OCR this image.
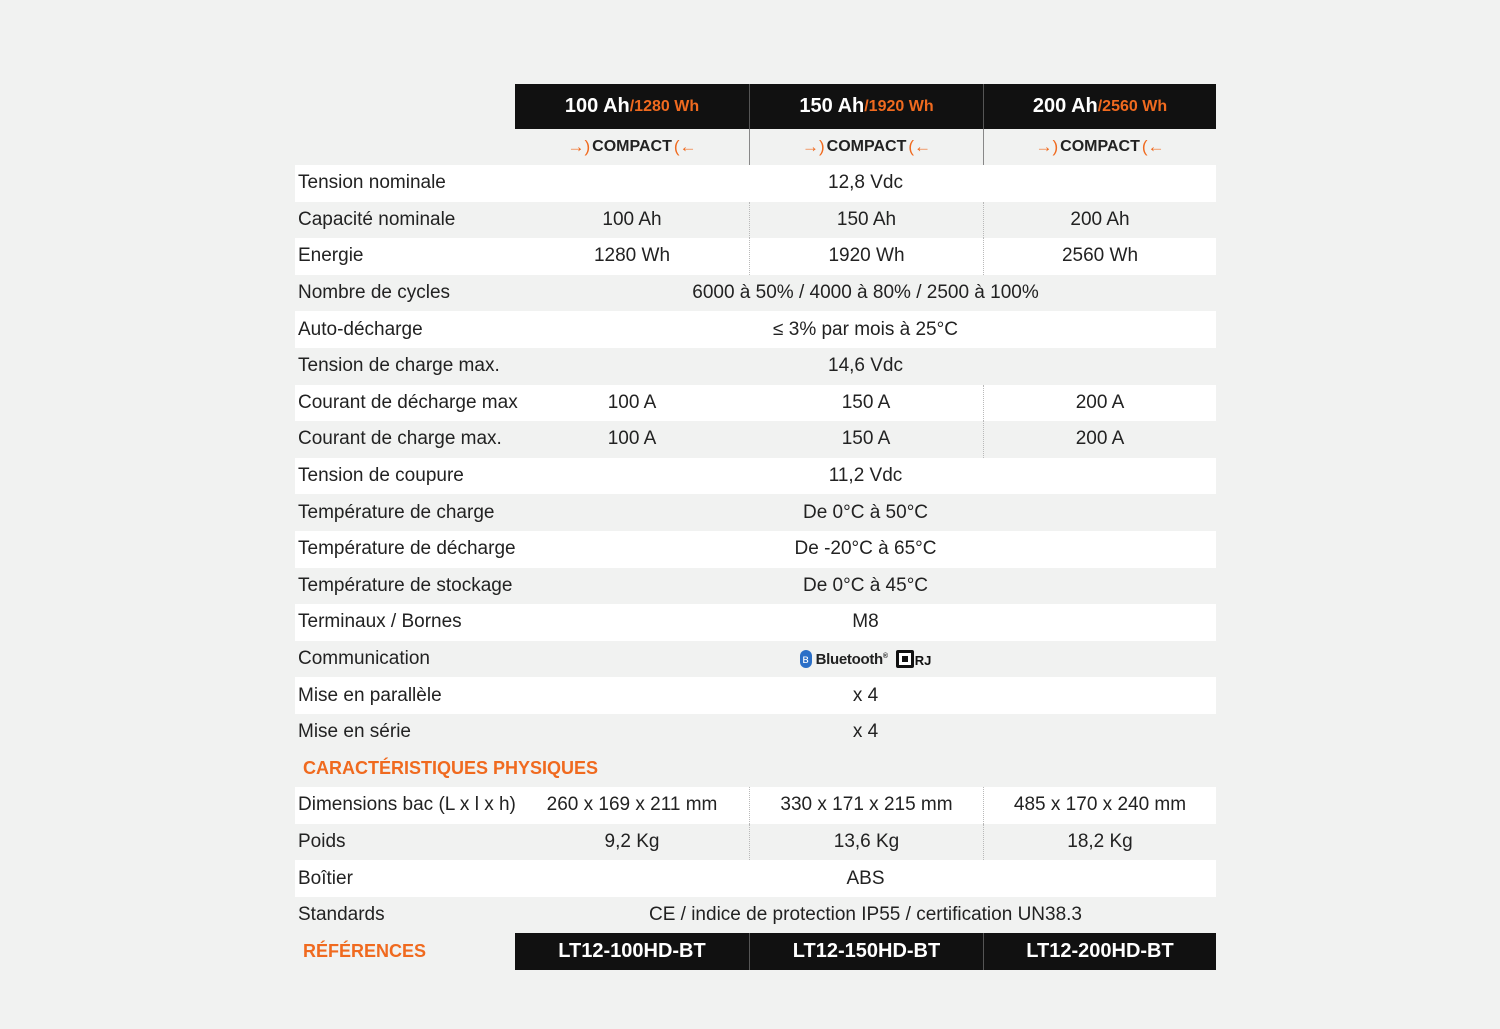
100 Ah /1280 Wh	150 Ah /1920 Wh	200 Ah /2560 Wh
→) COMPACT (←	→) COMPACT (←	→) COMPACT (←
Tension nominale	12,8 Vdc
Capacité nominale	100 Ah	150 Ah	200 Ah
Energie	1280 Wh	1920 Wh	2560 Wh
Nombre de cycles	6000 à 50% / 4000 à 80% / 2500 à 100%
Auto-décharge	≤ 3% par mois à 25°C
Tension de charge max.	14,6 Vdc
Courant de décharge max	100 A	150 A	200 A
Courant de charge max.	100 A	150 A	200 A
Tension de coupure	11,2 Vdc
Température de charge	De 0°C à 50°C
Température de décharge	De -20°C à 65°C
Température de stockage	De 0°C à 45°C
Terminaux / Bornes	M8
Communication	ʙ Bluetooth® RJ
Mise en parallèle	x 4
Mise en série	x 4
CARACTÉRISTIQUES PHYSIQUES
Dimensions bac (L x l x h)	260 x 169 x 211 mm	330 x 171 x 215 mm	485 x 170 x 240 mm
Poids	9,2 Kg	13,6 Kg	18,2 Kg
Boîtier	ABS
Standards	CE / indice de protection IP55 / certification UN38.3
RÉFÉRENCES	LT12-100HD-BT	LT12-150HD-BT	LT12-200HD-BT
